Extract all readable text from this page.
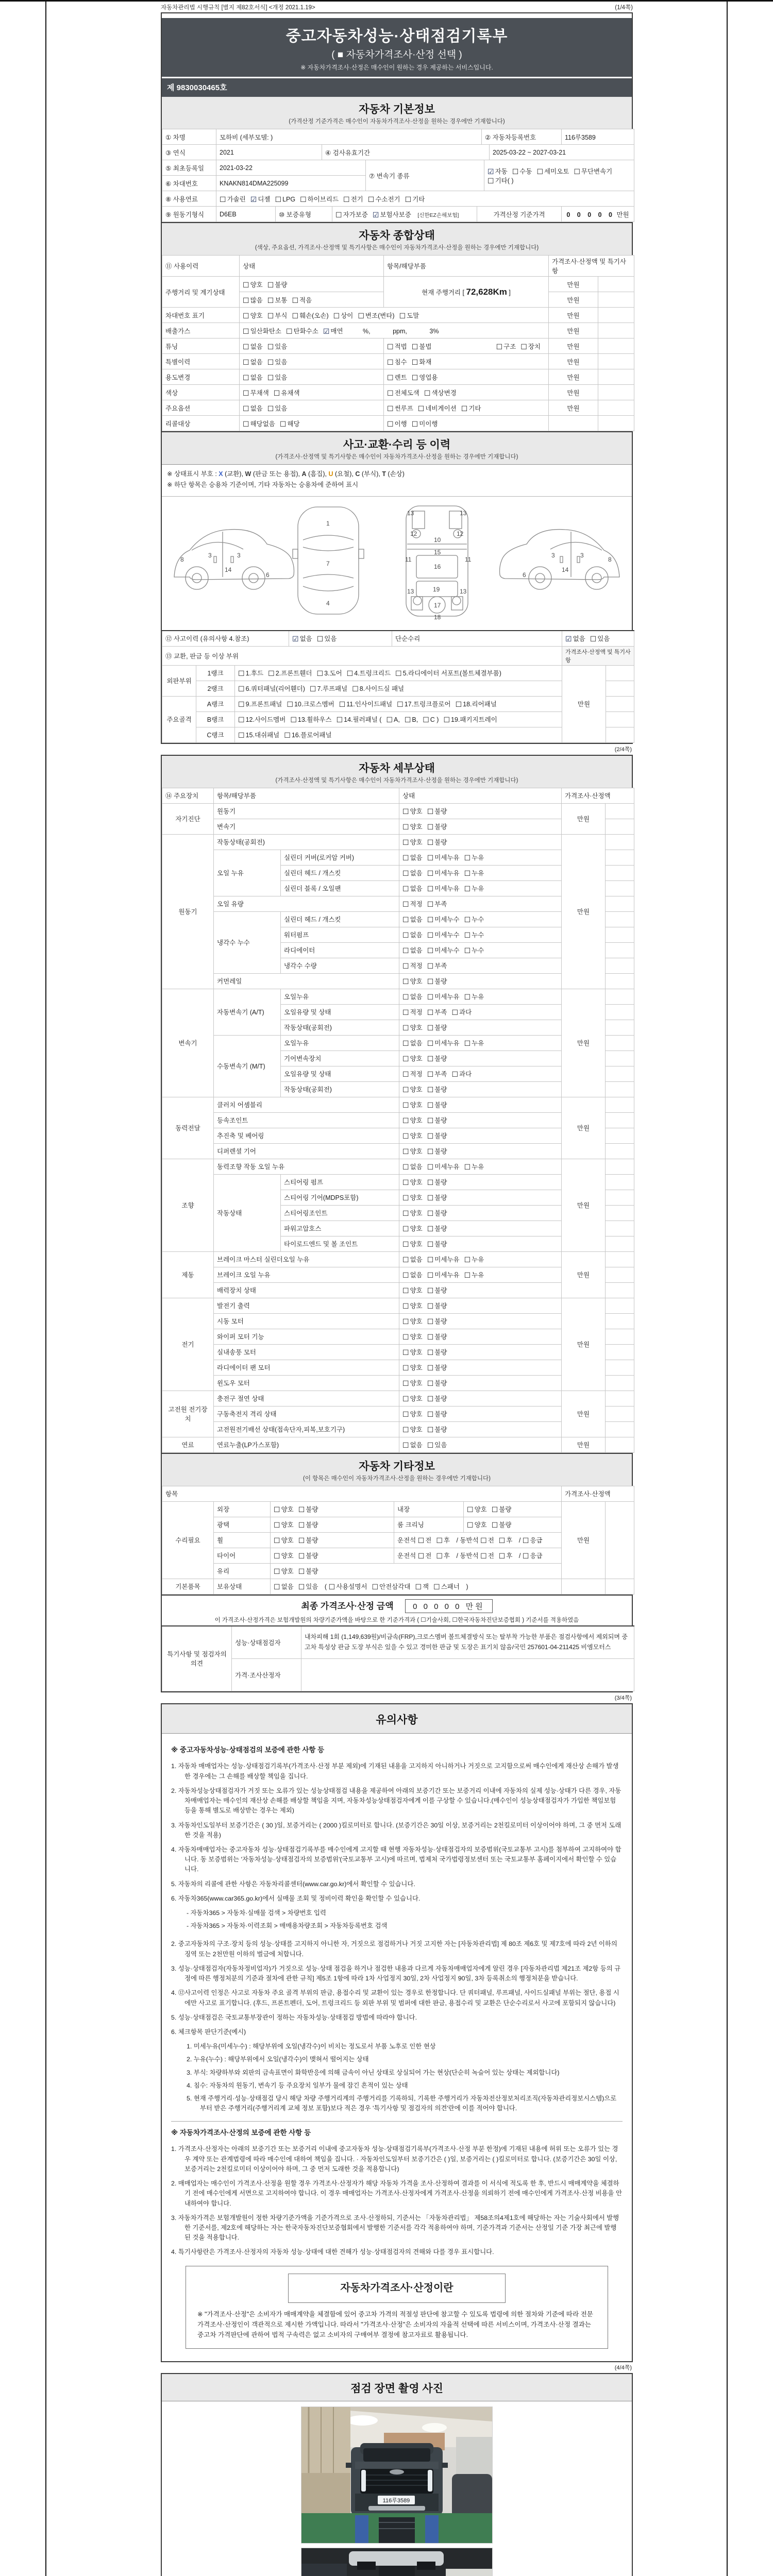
자동차관리법 시행규칙 [별지 제82호서식] <개정 2021.1.19>	(1/4쪽)
중고자동차성능·상태점검기록부
( ■ 자동차가격조사·산정 선택 )
※ 자동차가격조사·산정은 매수인이 원하는 경우 제공하는 서비스입니다.
제 9830030465호
자동차 기본정보
(가격산정 기준가격은 매수인이 자동차가격조사·산정을 원하는 경우에만 기재합니다)
① 차명	모하비 (세부모델: )	② 자동차등록번호	116루3589
③ 연식	2021	④ 검사유효기간	2025-03-22 ~ 2027-03-21
⑤ 최초등록일	2021-03-22	⑦ 변속기 종류	☑ 자동 ☐ 수동 ☐ 세미오토 ☐ 무단변속기☐ 기타( )
⑥ 차대번호	KNAKN814DMA225099		
⑧ 사용연료	☐ 가솔린 ☑ 디젤 ☐ LPG ☐ 하이브리드 ☐ 전기 ☐ 수소전기 ☐ 기타
⑨ 원동기형식	D6EB	⑩ 보증유형	☐ 자가보증 ☑ 보험사보증 [신한EZ손해보험]	가격산정 기준가격	0 0 0 0 0 만원
자동차 종합상태
(색상, 주요옵션, 가격조사·산정액 및 특기사항은 매수인이 자동차가격조사·산정을 원하는 경우에만 기재합니다)
⑪ 사용이력	상태	항목/해당부품	가격조사·산정액 및 특기사항	
주행거리 및 계기상태	☐ 양호 ☐ 불량	현재 주행거리 [ 72,628Km ]	만원	
	☐ 많음 ☐ 보통 ☐ 적음		만원	
차대번호 표기	☐ 양호 ☐ 부식 ☐ 훼손(오손) ☐ 상이 ☐ 변조(변타) ☐ 도말		만원	
배출가스	☐ 일산화탄소 ☐ 탄화수소 ☑ 매연 %, ppm, 3%		만원	
튜닝	☐ 없음 ☐ 있음	☐ 적법 ☐ 불법 ☐ 구조 ☐ 장치	만원	
특별이력	☐ 없음 ☐ 있음	☐ 침수 ☐ 화재	만원	
용도변경	☐ 없음 ☐ 있음	☐ 렌트 ☐ 영업용	만원	
색상	☐ 무채색 ☐ 유채색	☐ 전체도색 ☐ 색상변경	만원	
주요옵션	☐ 없음 ☐ 있음	☐ 썬루프 ☐ 네비게이션 ☐ 기타	만원	
리콜대상	☐ 해당없음 ☐ 해당	☐ 이행 ☐ 미이행		
사고·교환·수리 등 이력
(가격조사·산정액 및 특기사항은 매수인이 자동차가격조사·산정을 원하는 경우에만 기재합니다)
※ 상태표시 부호 : X (교환), W (판금 또는 용접), A (흠집), U (요철), C (부식), T (손상)
※ 하단 항목은 승용차 기준이며, 기타 자동차는 승용차에 준하여 표시
8
3	3
14
6
1
7
4
13	13
12	12
10
15
16
13	13
19
17
18
11	11	8
3
3
14
6
⑫ 사고이력 (유의사항 4.참조)	☑ 없음 ☐ 있음	단순수리	☑ 없음 ☐ 있음
⑬ 교환, 판금 등 이상 부위			가격조사·산정액 및 특기사항	
외판부위	1랭크	☐ 1.후드 ☐ 2.프론트휀더 ☐ 3.도어 ☐ 4.트렁크리드 ☐ 5.라디에이터 서포트(볼트체결부품)	만원	
	2랭크	☐ 6.쿼터패널(리어휀더) ☐ 7.루프패널 ☐ 8.사이드실 패널		
주요골격	A랭크	☐ 9.프론트패널 ☐ 10.크로스멤버 ☐ 11.인사이드패널 ☐ 17.트렁크플로어 ☐ 18.리어패널		
	B랭크	☐ 12.사이드멤버 ☐ 13.휠하우스 ☐ 14.필러패널 ( ☐ A, ☐ B, ☐ C ) ☐ 19.패키지트레이		
	C랭크	☐ 15.대쉬패널 ☐ 16.플로어패널		
(2/4쪽)
자동차 세부상태
(가격조사·산정액 및 특기사항은 매수인이 자동차가격조사·산정을 원하는 경우에만 기재합니다)
⑭ 주요장치	항목/해당부품		상태	가격조사·산정액	
자기진단	원동기		☐ 양호 ☐ 불량	만원	
	변속기		☐ 양호 ☐ 불량		
원동기	작동상태(공회전)		☐ 양호 ☐ 불량	만원	
	오일 누유	실린더 커버(로커암 커버)	☐ 없음 ☐ 미세누유 ☐ 누유		
		실린더 헤드 / 개스킷	☐ 없음 ☐ 미세누유 ☐ 누유		
		실린더 블록 / 오일팬	☐ 없음 ☐ 미세누유 ☐ 누유		
	오일 유량		☐ 적정 ☐ 부족		
	냉각수 누수	실린더 헤드 / 개스킷	☐ 없음 ☐ 미세누수 ☐ 누수		
		워터펌프	☐ 없음 ☐ 미세누수 ☐ 누수		
		라디에이터	☐ 없음 ☐ 미세누수 ☐ 누수		
		냉각수 수량	☐ 적정 ☐ 부족		
	커먼레일		☐ 양호 ☐ 불량		
변속기	자동변속기 (A/T)	오일누유	☐ 없음 ☐ 미세누유 ☐ 누유	만원	
		오일유량 및 상태	☐ 적정 ☐ 부족 ☐ 과다		
		작동상태(공회전)	☐ 양호 ☐ 불량		
	수동변속기 (M/T)	오일누유	☐ 없음 ☐ 미세누유 ☐ 누유		
		기어변속장치	☐ 양호 ☐ 불량		
		오일유량 및 상태	☐ 적정 ☐ 부족 ☐ 과다		
		작동상태(공회전)	☐ 양호 ☐ 불량		
동력전달	클러치 어셈블리		☐ 양호 ☐ 불량	만원	
	등속조인트		☐ 양호 ☐ 불량		
	추진축 및 베어링		☐ 양호 ☐ 불량		
	디퍼렌셜 기어		☐ 양호 ☐ 불량		
조향	동력조향 작동 오일 누유		☐ 없음 ☐ 미세누유 ☐ 누유	만원	
	작동상태	스티어링 펌프	☐ 양호 ☐ 불량		
		스티어링 기어(MDPS포함)	☐ 양호 ☐ 불량		
		스티어링조인트	☐ 양호 ☐ 불량		
		파워고압호스	☐ 양호 ☐ 불량		
		타이로드엔드 및 볼 조인트	☐ 양호 ☐ 불량		
제동	브레이크 마스터 실린더오일 누유		☐ 없음 ☐ 미세누유 ☐ 누유	만원	
	브레이크 오일 누유		☐ 없음 ☐ 미세누유 ☐ 누유		
	배력장치 상태		☐ 양호 ☐ 불량		
전기	발전기 출력		☐ 양호 ☐ 불량	만원	
	시동 모터		☐ 양호 ☐ 불량		
	와이퍼 모터 기능		☐ 양호 ☐ 불량		
	실내송풍 모터		☐ 양호 ☐ 불량		
	라디에이터 팬 모터		☐ 양호 ☐ 불량		
	윈도우 모터		☐ 양호 ☐ 불량		
고전원 전기장치	충전구 절연 상태		☐ 양호 ☐ 불량	만원	
	구동축전지 격리 상태		☐ 양호 ☐ 불량		
	고전원전기배선 상태(접속단자,피복,보호기구)		☐ 양호 ☐ 불량		
연료	연료누출(LP가스포함)		☐ 없음 ☐ 있음	만원	
자동차 기타정보
(이 항목은 매수인이 자동차가격조사·산정을 원하는 경우에만 기재합니다)
항목					가격조사·산정액	
수리필요	외장	☐ 양호 ☐ 불량	내장	☐ 양호 ☐ 불량	만원	
	광택	☐ 양호 ☐ 불량	룸 크리닝	☐ 양호 ☐ 불량		
	휠	☐ 양호 ☐ 불량	운전석 ☐ 전 ☐ 후 / 동반석 ☐ 전 ☐ 후 / ☐ 응급			
	타이어	☐ 양호 ☐ 불량	운전석 ☐ 전 ☐ 후 / 동반석 ☐ 전 ☐ 후 / ☐ 응급			
	유리	☐ 양호 ☐ 불량				
기본품목	보유상태	☐ 없음 ☐ 있음 ( ☐ 사용설명서 ☐ 안전삼각대 ☐ 잭 ☐ 스패너 )				
최종 가격조사·산정 금액 0 0 0 0 0 만원
이 가격조사·산정가격은 보험개발원의 차량기준가액을 바탕으로 한 기준가격과 ( ☐기술사회, ☐한국자동차진단보증협회 ) 기준서를 적용하였음
특기사항 및 점검자의 의견	성능·상태점검자	내차피해 1회 (1,149,639원)/비금속(FRP),크로스멤버 볼트체결방식 또는 탈부착 가능한 부품은 점검사항에서 제외되며 중고차 특성상 판금 도장 부식은 있을 수 있고 경미한 판금 및 도장은 표기치 않음/국민 257601-04-211425 비엠모터스
	가격·조사산정자	
(3/4쪽)
유의사항
※ 중고자동차성능·상태점검의 보증에 관한 사항 등
1. 자동차 매매업자는 성능·상태점검기록부(가격조사·산정 부분 제외)에 기재된 내용을 고지하지 아니하거나 거짓으로 고지함으로써 매수인에게 재산상 손해가 발생한 경우에는 그 손해를 배상할 책임을 집니다.
2. 자동차성능상태점검자가 거짓 또는 오류가 있는 성능상태점검 내용을 제공하여 아래의 보증기간 또는 보증거리 이내에 자동차의 실제 성능·상태가 다른 경우, 자동차매매업자는 매수인의 재산상 손해를 배상할 책임을 지며, 자동차성능상태점검자에게 이를 구상할 수 있습니다.(매수인이 성능상태점검자가 가입한 책임보험 등을 통해 별도로 배상받는 경우는 제외)
3. 자동차인도일부터 보증기간은 ( 30 )일, 보증거리는 ( 2000 )킬로미터로 합니다. (보증기간은 30일 이상, 보증거리는 2천킬로미터 이상이어야 하며, 그 중 먼저 도래한 것을 적용)
4. 자동차매매업자는 중고자동차 성능·상태점검기록부를 매수인에게 고지할 때 현행 자동차성능·상태점검자의 보증범위(국토교통부 고시)를 첨부하여 고지하여야 합니다. 동 보증범위는 '자동차성능·상태점검자의 보증범위'(국토교통부 고시)에 따르며, 법제처 국가법령정보센터 또는 국토교통부 홈페이지에서 확인할 수 있습니다.
5. 자동차의 리콜에 관한 사항은 자동차리콜센터(www.car.go.kr)에서 확인할 수 있습니다.
6. 자동차365(www.car365.go.kr)에서 실매물 조회 및 정비이력 확인을 확인할 수 있습니다.
- 자동차365 > 자동차·실매물 검색 > 차량번호 입력
- 자동차365 > 자동차·이력조회 > 매매용차량조회 > 자동차등록번호 검색
2. 중고자동차의 구조·장치 등의 성능·상태를 고지하지 아니한 자, 거짓으로 점검하거나 거짓 고지한 자는 [자동차관리법] 제 80조 제6호 및 제7호에 따라 2년 이하의 징역 또는 2천만원 이하의 벌금에 처합니다.
3. 성능·상태점검자(자동차정비업자)가 거짓으로 성능·상태 점검을 하거나 점검한 내용과 다르게 자동차매매업자에게 알린 경우 [자동차관리법 제21조 제2항 등의 규정에 따른 행정처분의 기준과 절차에 관한 규칙] 제5조 1항에 따라 1차 사업정지 30일, 2차 사업정지 90일, 3차 등록취소의 행정처분을 받습니다.
4. ⑫사고이력 인정은 사고로 자동차 주요 골격 부위의 판금, 용접수리 및 교환이 있는 경우로 한정합니다. 단 쿼터패널, 루프패널, 사이드실패널 부위는 절단, 용접 시에만 사고로 표기합니다. (후드, 프론트펜더, 도어, 트렁크리드 등 외판 부위 및 범퍼에 대한 판금, 용접수리 및 교환은 단순수리로서 사고에 포함되지 않습니다)
5. 성능·상태점검은 국토교통부장관이 정하는 자동차성능·상태점검 방법에 따라야 합니다.
6. 체크항목 판단기준(예시)
1. 미세누유(미세누수) : 해당부위에 오일(냉각수)이 비치는 정도로서 부품 노후로 인한 현상
2. 누유(누수) : 해당부위에서 오일(냉각수)이 맺혀서 떨어지는 상태
3. 부식: 차량하부와 외판의 금속표면이 화학반응에 의해 금속이 아닌 상태로 상실되어 가는 현상(단순히 녹슬어 있는 상태는 제외합니다)
4. 침수: 자동차의 원동기, 변속기 등 주요장치 일부가 물에 잠긴 흔적이 있는 상태
5. 현재 주행거리·성능·상태점검 당시 해당 차량 주행거리계의 주행거리를 기록하되, 기록한 주행거리가 자동차전산정보처리조직(자동차관리정보시스템)으로부터 받은 주행거리(주행거리계 교체 정보 포함)보다 적은 경우 '특기사항 및 점검자의 의견'란에 이를 적어야 합니다.
※ 자동차가격조사·산정의 보증에 관한 사항 등
1. 가격조사·산정자는 아래의 보증기간 또는 보증거리 이내에 중고자동차 성능·상태점검기록부(가격조사·산정 부분 한정)에 기재된 내용에 허위 또는 오류가 있는 경우 계약 또는 관계법령에 따라 매수인에 대하여 책임을 집니다. · 자동차인도일부터 보증기간은 ( )일, 보증거리는 ( )킬로미터로 합니다. (보증기간은 30일 이상, 보증거리는 2천킬로미터 이상이어야 하며, 그 중 먼저 도래한 것을 적용합니다)
2. 매매업자는 매수인이 가격조사·산정을 원할 경우 가격조사·산정자가 해당 자동차 가격을 조사·산정하여 결과를 이 서식에 적도록 한 후, 반드시 매매계약을 체결하기 전에 매수인에게 서면으로 고지하여야 합니다. 이 경우 매매업자는 가격조사·산정자에게 가격조사·산정을 의뢰하기 전에 매수인에게 가격조사·산정 비용을 안내하여야 합니다.
3. 자동차가격은 보험개발원이 정한 차량기준가액을 기준가격으로 조사·산정하되, 기준서는 「자동차관리법」 제58조의4제1호에 해당하는 자는 기술사회에서 발행한 기준서를, 제2호에 해당하는 자는 한국자동차진단보증협회에서 발행한 기준서를 각각 적용하여야 하며, 기준가격과 기준서는 산정일 기준 가장 최근에 발행된 것을 적용합니다.
4. 특기사항란은 가격조사·산정자의 자동차 성능·상태에 대한 견해가 성능·상태점검자의 견해와 다를 경우 표시합니다.
자동차가격조사·산정이란
※ "가격조사·산정"은 소비자가 매매계약을 체결함에 있어 중고차 가격의 적절성 판단에 참고할 수 있도록 법령에 의한 절차와 기준에 따라 전문 가격조사·산정인이 객관적으로 제시한 가액입니다. 따라서 "가격조사·산정"은 소비자의 자율적 선택에 따른 서비스이며, 가격조사·산정 결과는 중고차 가격판단에 관하여 법적 구속력은 없고 소비자의 구매여부 결정에 참고자료로 활용됩니다.
(4/4쪽)
점검 장면 촬영 사진
116루3589
